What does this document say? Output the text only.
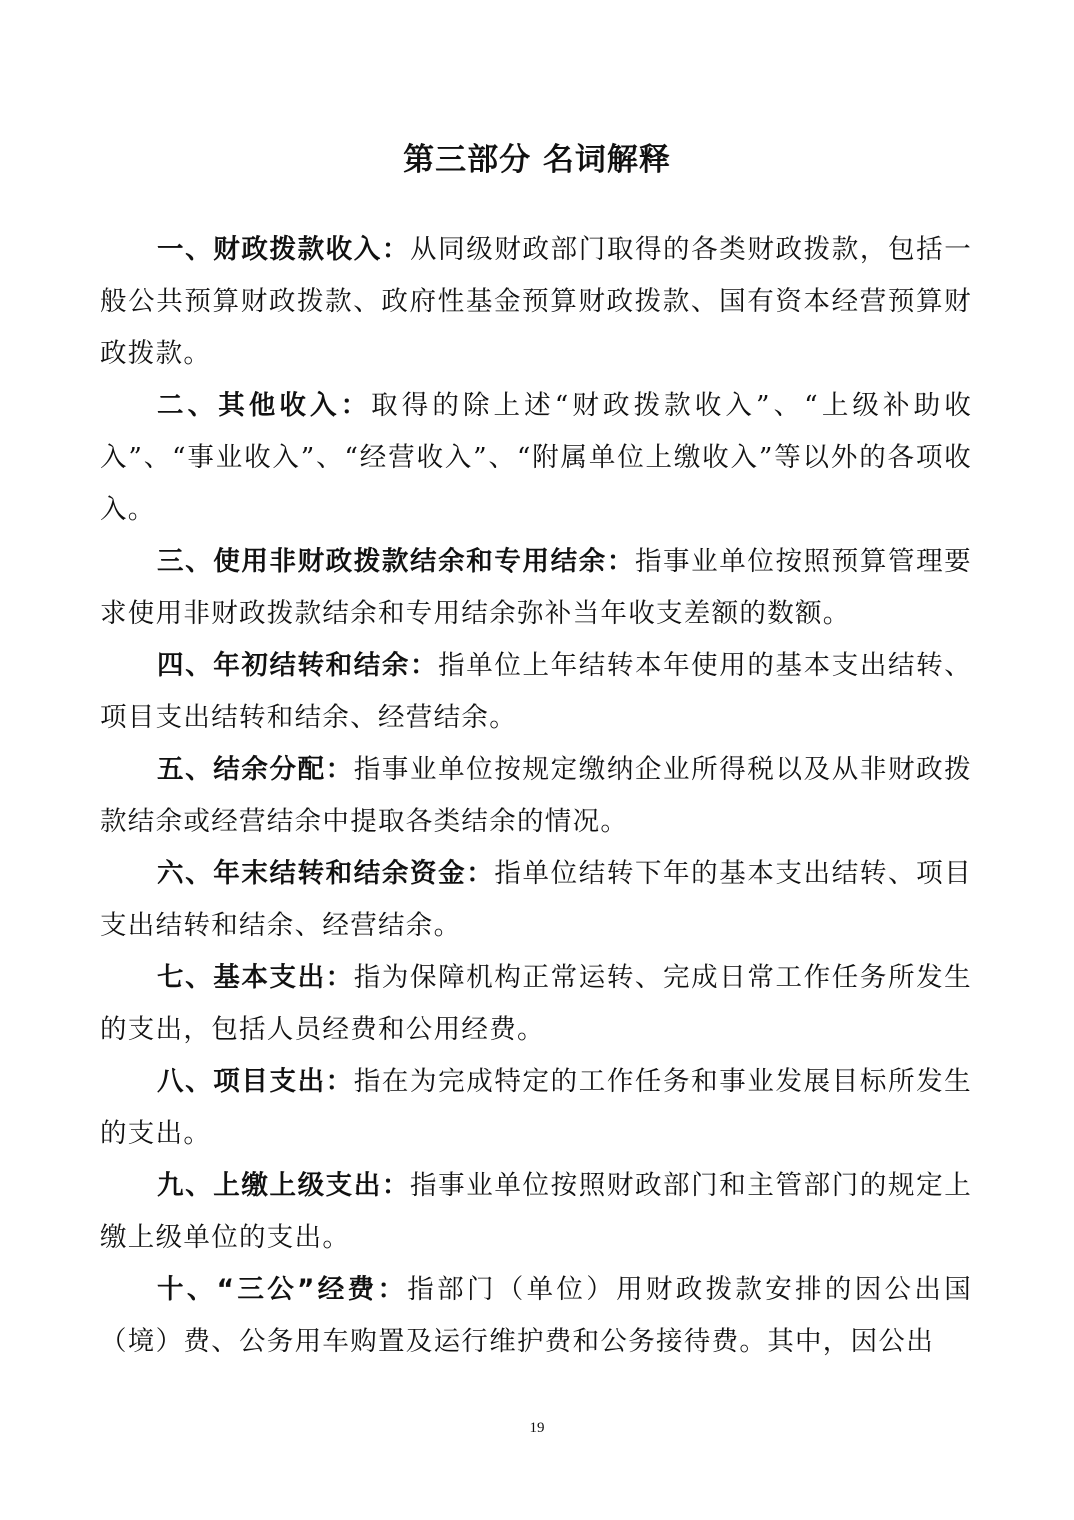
第三部分 名词解释

一、财政拨款收入：从同级财政部门取得的各类财政拨款，包括一般公共预算财政拨款、政府性基金预算财政拨款、国有资本经营预算财政拨款。

二、其他收入：取得的除上述“财政拨款收入”、“上级补助收入”、“事业收入”、“经营收入”、“附属单位上缴收入”等以外的各项收入。

三、使用非财政拨款结余和专用结余：指事业单位按照预算管理要求使用非财政拨款结余和专用结余弥补当年收支差额的数额。

四、年初结转和结余：指单位上年结转本年使用的基本支出结转、项目支出结转和结余、经营结余。

五、结余分配：指事业单位按规定缴纳企业所得税以及从非财政拨款结余或经营结余中提取各类结余的情况。

六、年末结转和结余资金：指单位结转下年的基本支出结转、项目支出结转和结余、经营结余。

七、基本支出：指为保障机构正常运转、完成日常工作任务所发生的支出，包括人员经费和公用经费。

八、项目支出：指在为完成特定的工作任务和事业发展目标所发生的支出。

九、上缴上级支出：指事业单位按照财政部门和主管部门的规定上缴上级单位的支出。

十、“三公”经费：指部门（单位）用财政拨款安排的因公出国（境）费、公务用车购置及运行维护费和公务接待费。其中，因公出

19
